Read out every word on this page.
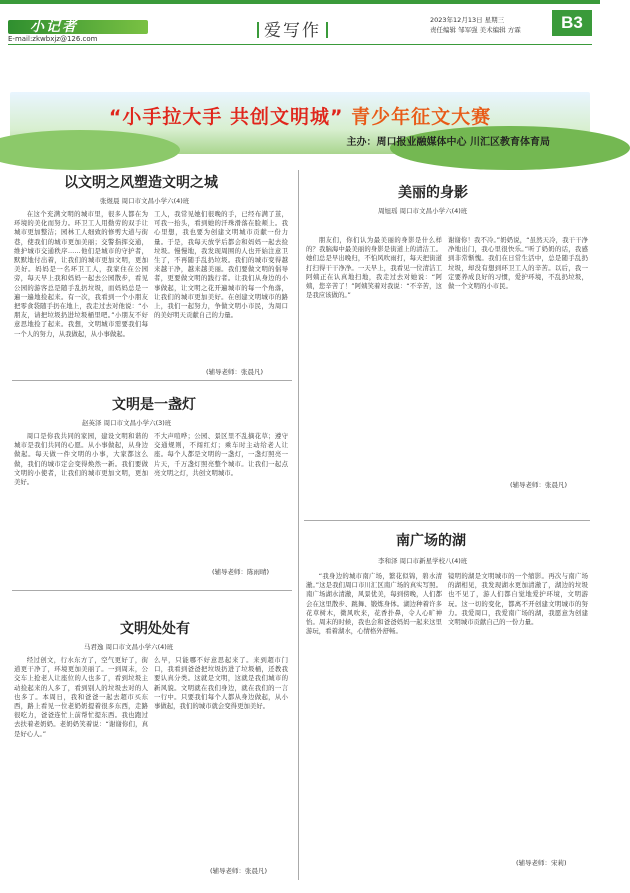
小记者
E-mail:zkwbxjz@126.com	爱写作
2023年12月13日 星期三
责任编辑 邹军强 美术编辑 方霖	B3
“小手拉大手 共创文明城” 青少年征文大赛
主办：周口报业融媒体中心 川汇区教育体育局
以文明之风塑造文明之城
张煜晨 周口市文昌小学六(4)班
在这个充满文明的城市里，很多人都在为环境的美化而努力。环卫工人用勤劳的双手让城市更加整洁；园林工人细致的修剪大道与街巷，使我们的城市更加美丽；交警指挥交通，维护城市交通秩序……他们是城市的守护者，默默地付出着，让我们的城市更加文明，更加美好。妈妈是一名环卫工人，我家住在公园旁，每天早上我和妈妈一起去公园散步，看见公园的游客总是随手乱扔垃圾，而妈妈总是一遍一遍地捡起来。有一次，我看到一个小朋友把零食袋随手扔在地上，我走过去对他说：“小朋友，请把垃圾扔进垃圾桶里吧。”小朋友不好意思地捡了起来。我想，文明城市需要我们每一个人的努力，从我做起，从小事做起。
工人，我常见她们很晚的手，已经布满了茧，可我一抬头，看到她的汗珠滑落在脸颊上。我心里想，我也要为创建文明城市贡献一份力量。于是，我每天放学后都会和妈妈一起去捡垃圾。慢慢地，我发现周围的人也开始注意卫生了，不再随手乱扔垃圾。我们的城市变得越来越干净，越来越美丽。我们要做文明的倡导者，更要做文明的践行者。让我们从身边的小事做起，让文明之花开遍城市的每一个角落，让我们的城市更加美好。在创建文明城市的路上，我们一起努力，争做文明小市民，为周口的美好明天贡献自己的力量。
(辅导老师：张晨凡)
文明是一盏灯
赵英泽 周口市文昌小学六(3)班
周口是你我共同的家园，建设文明和谐的城市是我们共同的心愿。从小事做起，从身边做起。每天做一件文明的小事，大家都这么做，我们的城市定会变得焕然一新。我们要做文明的小使者，让我们的城市更加文明，更加美好。
不大声喧哗；公园、景区里不乱摘花草；遵守交通规则，不闯红灯；乘车时主动给老人让座。每个人都是文明的一盏灯，一盏灯照亮一片天，千万盏灯照亮整个城市。让我们一起点亮文明之灯，共创文明城市。
(辅导老师：陈雨晴)
文明处处有
马君逸 周口市文昌小学六(4)班
经过创文，行水东方了，空气更好了，街道更干净了，环境更加美丽了。一到周末，公交车上抢老人让座位的人也多了，看到垃圾主动捡起来的人多了，看到别人的垃圾去对的人也多了。本周日，我和爸爸一起去超市买东西，路上看见一位老奶奶提着很多东西，走路很吃力，爸爸连忙上前帮忙提东西。我也跑过去扶着老奶奶。老奶奶笑着说：“谢谢你们，真是好心人。”
么早，只能哪不好意思起来了。来到超市门口，我看到爸爸把垃圾扔进了垃圾桶，还教我要认真分类。这就是文明，这就是我们城市的新风貌。文明就在我们身边，就在我们的一言一行中。只要我们每个人都从身边做起，从小事做起，我们的城市就会变得更加美好。
(辅导老师：张晨凡)
美丽的身影
周旭瑶 周口市文昌小学六(4)班
朋友们，你们认为最美丽的身影是什么样的？我脑海中最美丽的身影是街道上的清洁工。她们总是早出晚归，不怕风吹雨打，每天把街道打扫得干干净净。一天早上，我看见一位清洁工阿姨正在认真地扫地，我走过去对她说：“阿姨，您辛苦了！”阿姨笑着对我说：“不辛苦，这是我应该做的。”
谢谢你！我不冷。”奶奶说，“虽然天冷，我干干净净地出门，我心里很快乐。”听了奶奶的话，我感到非常惭愧。我们在日常生活中，总是随手乱扔垃圾，却没有想到环卫工人的辛苦。以后，我一定要养成良好的习惯，爱护环境，不乱扔垃圾，做一个文明的小市民。
(辅导老师：张晨凡)
南广场的湖
李和泽 周口市新星学校八(4)班
“我身边的城市南广场，繁花似锦，碧水清澈。”这是我们周口市川汇区南广场的真实写照。南广场湖水清澈，风景优美，每到傍晚，人们都会在这里散步、跳舞、锻炼身体。湖边种着许多花草树木，微风吹来，花香扑鼻，令人心旷神怡。周末的时候，我也会和爸爸妈妈一起来这里游玩，看着湖水，心情格外舒畅。
镜明的湖是文明城市的一个缩影。再次与南广场的湖相见，我发现湖水更加清澈了，湖边的垃圾也不见了，游人们都自觉地爱护环境，文明游玩。这一切的变化，都离不开创建文明城市的努力。我爱周口，我爱南广场的湖，我愿意为创建文明城市贡献自己的一份力量。
(辅导老师：宋莉)
